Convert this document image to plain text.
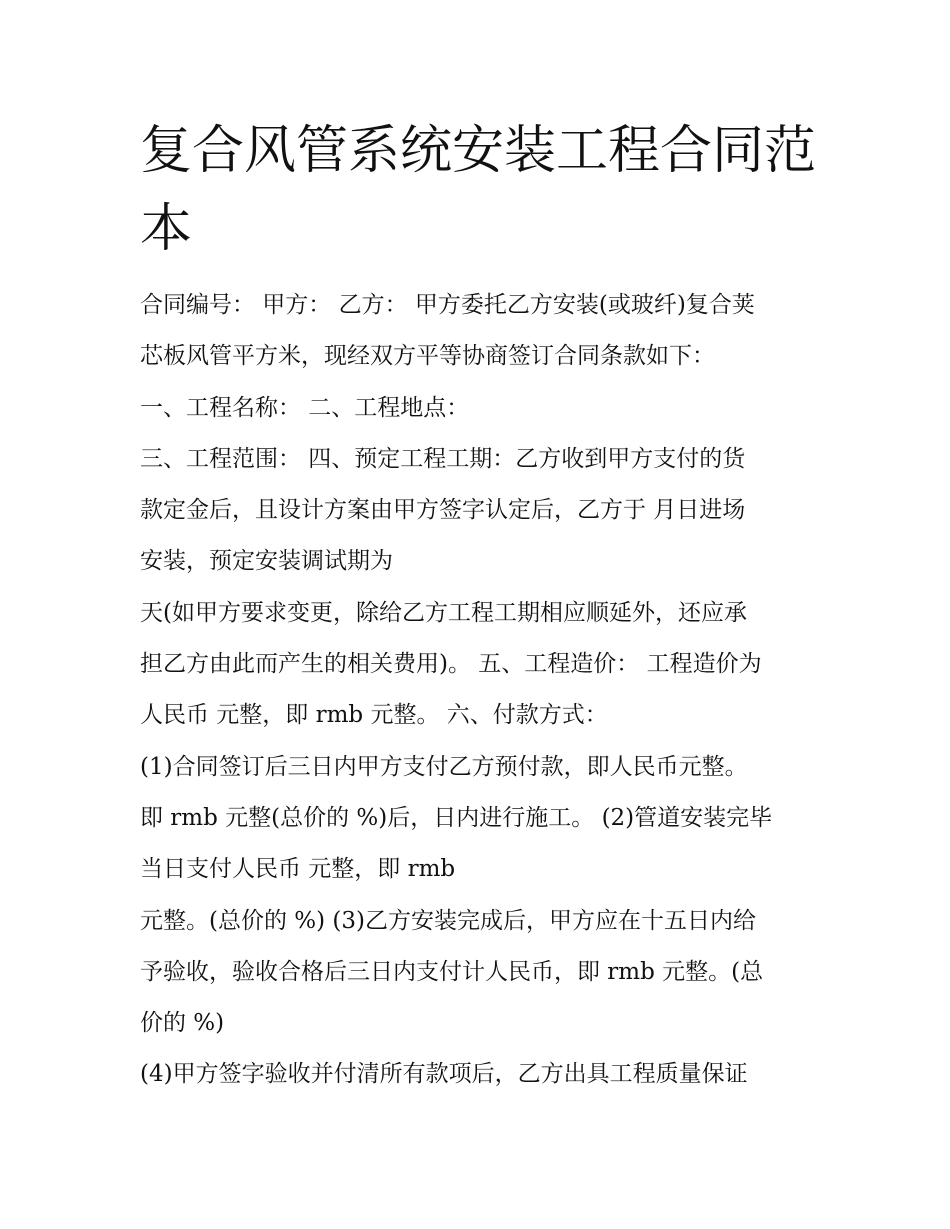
复合风管系统安装工程合同范
本
合同编号： 甲方： 乙方： 甲方委托乙方安装(或玻纤)复合荚
芯板风管平方米，现经双方平等协商签订合同条款如下：
一、工程名称： 二、工程地点：
三、工程范围： 四、预定工程工期：乙方收到甲方支付的货
款定金后，且设计方案由甲方签字认定后，乙方于 月日进场
安装，预定安装调试期为
天(如甲方要求变更，除给乙方工程工期相应顺延外，还应承
担乙方由此而产生的相关费用)。 五、工程造价： 工程造价为
人民币 元整，即 rmb 元整。 六、付款方式：
(1)合同签订后三日内甲方支付乙方预付款，即人民币元整。
即 rmb 元整(总价的 %)后，日内进行施工。 (2)管道安装完毕
当日支付人民币 元整，即 rmb
元整。(总价的 %) (3)乙方安装完成后，甲方应在十五日内给
予验收，验收合格后三日内支付计人民币，即 rmb 元整。(总
价的 %)
(4)甲方签字验收并付清所有款项后，乙方出具工程质量保证
